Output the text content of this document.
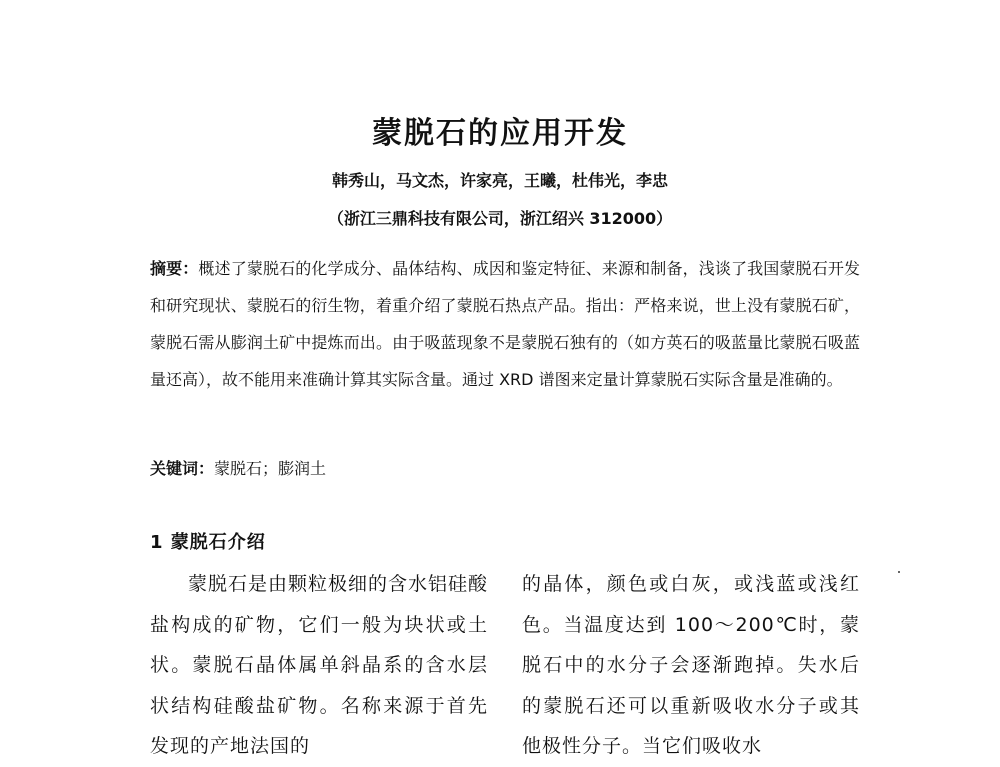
蒙脱石的应用开发
韩秀山，马文杰，许家亮，王曦，杜伟光，李忠
（浙江三鼎科技有限公司，浙江绍兴 312000）
摘要：概述了蒙脱石的化学成分、晶体结构、成因和鉴定特征、来源和制备，浅谈了我国蒙脱石开发和研究现状、蒙脱石的衍生物，着重介绍了蒙脱石热点产品。指出：严格来说，世上没有蒙脱石矿，蒙脱石需从膨润土矿中提炼而出。由于吸蓝现象不是蒙脱石独有的（如方英石的吸蓝量比蒙脱石吸蓝量还高），故不能用来准确计算其实际含量。通过 XRD 谱图来定量计算蒙脱石实际含量是准确的。
关键词：蒙脱石；膨润土
1 蒙脱石介绍
蒙脱石是由颗粒极细的含水铝硅酸盐构成的矿物，它们一般为块状或土状。蒙脱石晶体属单斜晶系的含水层状结构硅酸盐矿物。名称来源于首先发现的产地法国的
的晶体，颜色或白灰，或浅蓝或浅红色。当温度达到 100～200℃时，蒙脱石中的水分子会逐渐跑掉。失水后的蒙脱石还可以重新吸收水分子或其他极性分子。当它们吸收水
